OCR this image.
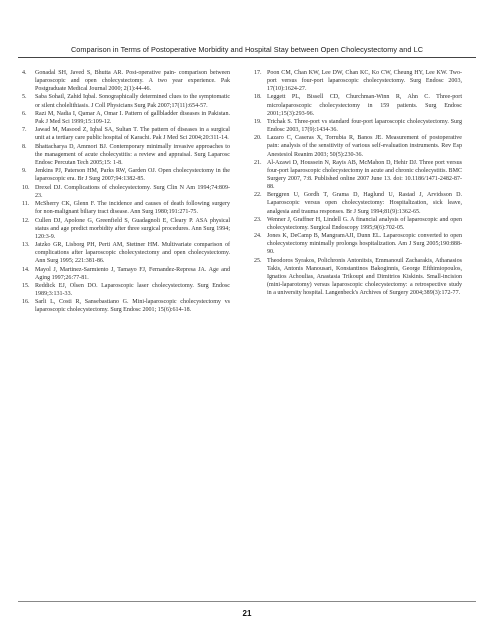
Comparison in Terms of Postoperative Morbidity and Hospital Stay between Open Cholecystectomy and LC
4. Gonadal SH, Javed S, Bhutta AR. Post-operative pain- comparison between laparoscopic and open cholecystectomy. A two year experience. Pak Postgraduate Medical Journal 2000; 2(1):44-46.
5. Saba Sohail, Zahid Iqbal. Sonographically determined clues to the symptomatic or silent cholelithiasis. J Coll Physicians Surg Pak 2007;17(11):654-57.
6. Razi M, Nadia I, Qamar A, Omar I. Pattern of gallbladder diseases in Pakistan. Pak J Med Sci 1999;15:109-12.
7. Jawad M, Masood Z, Iqbal SA, Sultan T. The pattern of diseases in a surgical unit at a tertiary care public hospital of Karachi. Pak J Med Sci 2004;20:311-14.
8. Bhattacharya D, Ammori BJ. Contemporary minimally invasive approaches to the management of acute cholecystitis: a review and appraisal. Surg Laparosc Endosc Percutan Tech 2005;15: 1-8.
9. Jenkins PJ, Paterson HM, Parks RW, Garden OJ. Open cholecystectomy in the laparoscopic era. Br J Surg 2007;94:1382-85.
10. Drexel DJ. Complications of cholecystectomy. Surg Clin N Am 1994;74:809-23.
11. McSherry CK, Glenn F. The incidence and causes of death following surgery for non-malignant biliary tract disease. Ann Surg 1980;191:271-75.
12. Cullen DJ, Apolone G, Greenfield S, Guadagnoli E, Cleary P. ASA physical status and age predict morbidity after three surgical procedures. Ann Surg 1994; 120:3-9.
13. Jatzko GR, Lisborg PH, Perti AM, Stettner HM. Multivariate comparison of complications after laparoscopic cholecystectomy and open cholecystectomy. Ann Surg 1995; 221:381-86.
14. Mayol J, Martinez-Sarmiento J, Tamayo FJ, Fernandez-Represa JA. Age and Aging 1997;26:77-81.
15. Reddick EJ, Olsen DO. Laparoscopic laser cholecystectomy. Surg Endosc 1989;3:131-33.
16. Sarli L, Costi R, Sansebastiano G. Mini-laparoscopic cholecystectomy vs laparoscopic cholecystectomy. Surg Endosc 2001; 15(6):614-18.
17. Poon CM, Chan KW, Lee DW, Chan KC, Ko CW, Cheung HY, Lee KW. Two-port versus four-port laparoscopic cholecystectomy. Surg Endosc 2003, 17(10):1624-27.
18. Leggett PL, Bissell CD, Churchman-Winn R, Ahn C. Three-port microlaparoscopic cholecystectomy in 159 patients. Surg Endosc 2001;15(3):293-96.
19. Trichak S. Three-port vs standard four-port laparoscopic cholecystectomy. Surg Endosc 2003, 17(9):1434-36.
20. Lazaro C, Caseras X, Torrubia R, Banos JE. Measurement of postoperative pain: analysis of the sensitivity of various self-evaluation instruments. Rev Esp Anestesiol Reanim 2003; 50(5):230-36.
21. Al-Azawi D, Houssein N, Rayis AB, McMahon D, Hehir DJ. Three port versus four-port laparoscopic cholecystectomy in acute and chronic cholecystitis. BMC Surgery 2007, 7:8. Published online 2007 June 13. doi: 10.1186/1471-2482-87-88.
22. Berggren U, Gordh T, Grama D, Haglund U, Rastad J, Arvidsson D. Laparoscopic versus open cholecystectomy: Hospitalization, sick leave, analgesia and trauma responses. Br J Surg 1994;81(9):1362-65.
23. Wenner J, Graffner H, Lindell G. A financial analysis of laparoscopic and open cholecystectomy. Surgical Endoscopy 1995;9(6):702-05.
24. Jones K, DeCamp B, MangramAJI, Dunn EL. Laparoscopic converted to open cholecystectomy minimally prolongs hospitalization. Am J Surg 2005;190:888-90.
25. Theodoros Syrakos, Polichronis Antonitsis, Emmanouil Zacharakis, Athanasios Takis, Antonis Manousari, Konstantinos Bakoginnis, George Efthimiopoulos, Ignatios Achoulias, Anastasia Trikoupi and Dimitrios Kiskinis. Small-incision (mini-laparotomy) versus laparoscopic cholecystectomy: a retrospective study in a university hospital. Langenbeck's Archives of Surgery 2004;389(3):172-77.
21
